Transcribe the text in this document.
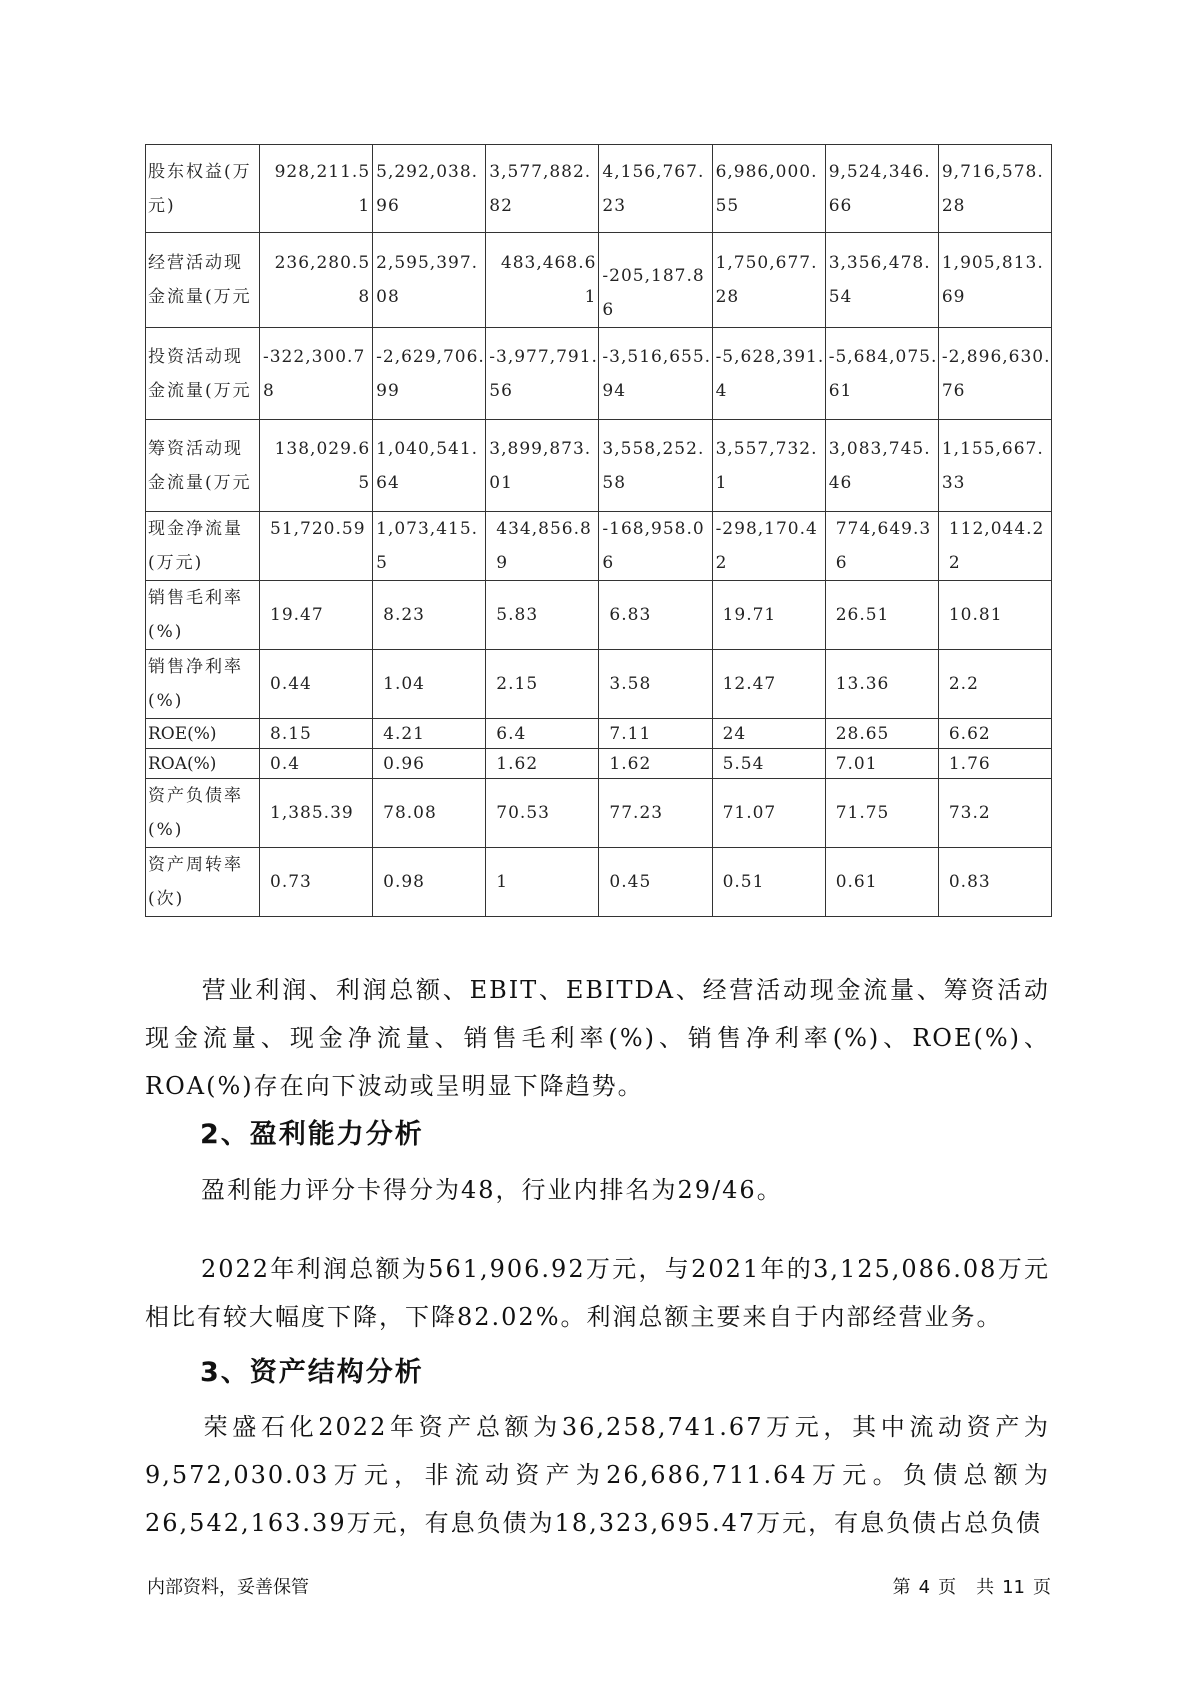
股东权益(万元)	928,211.51	5,292,038.96	3,577,882.82	4,156,767.23	6,986,000.55	9,524,346.66	9,716,578.28
经营活动现金流量(万元	236,280.58	2,595,397.08	483,468.61	-205,187.86	1,750,677.28	3,356,478.54	1,905,813.69
投资活动现金流量(万元	-322,300.78	-2,629,706.99	-3,977,791.56	-3,516,655.94	-5,628,391.4	-5,684,075.61	-2,896,630.76
筹资活动现金流量(万元	138,029.65	1,040,541.64	3,899,873.01	3,558,252.58	3,557,732.1	3,083,745.46	1,155,667.33
现金净流量(万元)	51,720.59	1,073,415.5	434,856.89	-168,958.06	-298,170.42	774,649.36	112,044.22
销售毛利率(%)	19.47	8.23	5.83	6.83	19.71	26.51	10.81
销售净利率(%)	0.44	1.04	2.15	3.58	12.47	13.36	2.2
ROE(%)	8.15	4.21	6.4	7.11	24	28.65	6.62
ROA(%)	0.4	0.96	1.62	1.62	5.54	7.01	1.76
资产负债率(%)	1,385.39	78.08	70.53	77.23	71.07	71.75	73.2
资产周转率(次)	0.73	0.98	1	0.45	0.51	0.61	0.83

营业利润、利润总额、EBIT、EBITDA、经营活动现金流量、筹资活动现金流量、现金净流量、销售毛利率(%)、销售净利率(%)、ROE(%)、ROA(%)存在向下波动或呈明显下降趋势。

2、盈利能力分析

盈利能力评分卡得分为48，行业内排名为29/46。

2022年利润总额为561,906.92万元，与2021年的3,125,086.08万元相比有较大幅度下降，下降82.02%。利润总额主要来自于内部经营业务。

3、资产结构分析

荣盛石化2022年资产总额为36,258,741.67万元，其中流动资产为9,572,030.03万元，非流动资产为26,686,711.64万元。负债总额为26,542,163.39万元，有息负债为18,323,695.47万元，有息负债占总负债

内部资料，妥善保管	第 4 页 共 11 页
